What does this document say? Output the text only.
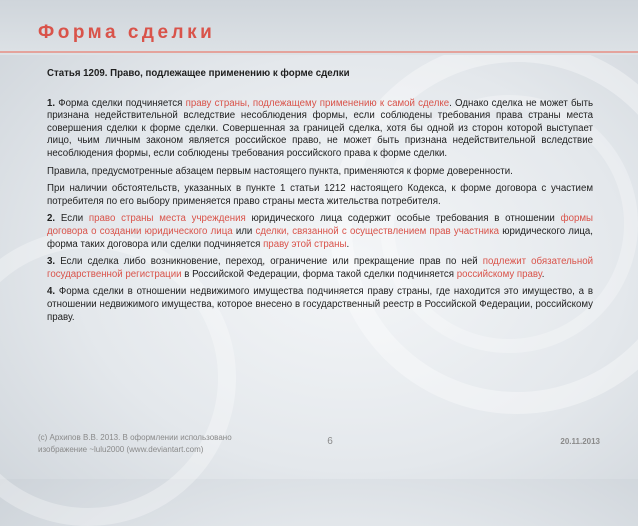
Форма сделки

Статья 1209. Право, подлежащее применению к форме сделки

1. Форма сделки подчиняется праву страны, подлежащему применению к самой сделке. Однако сделка не может быть признана недействительной вследствие несоблюдения формы, если соблюдены требования права страны места совершения сделки к форме сделки. Совершенная за границей сделка, хотя бы одной из сторон которой выступает лицо, чьим личным законом является российское право, не может быть признана недействительной вследствие несоблюдения формы, если соблюдены требования российского права к форме сделки.

Правила, предусмотренные абзацем первым настоящего пункта, применяются к форме доверенности.

При наличии обстоятельств, указанных в пункте 1 статьи 1212 настоящего Кодекса, к форме договора с участием потребителя по его выбору применяется право страны места жительства потребителя.

2. Если право страны места учреждения юридического лица содержит особые требования в отношении формы договора о создании юридического лица или сделки, связанной с осуществлением прав участника юридического лица, форма таких договора или сделки подчиняется праву этой страны.

3. Если сделка либо возникновение, переход, ограничение или прекращение прав по ней подлежит обязательной государственной регистрации в Российской Федерации, форма такой сделки подчиняется российскому праву.

4. Форма сделки в отношении недвижимого имущества подчиняется праву страны, где находится это имущество, а в отношении недвижимого имущества, которое внесено в государственный реестр в Российской Федерации, российскому праву.

(c) Архипов В.В. 2013. В оформлении использовано
изображение ~lulu2000 (www.deviantart.com)
6	20.11.2013
